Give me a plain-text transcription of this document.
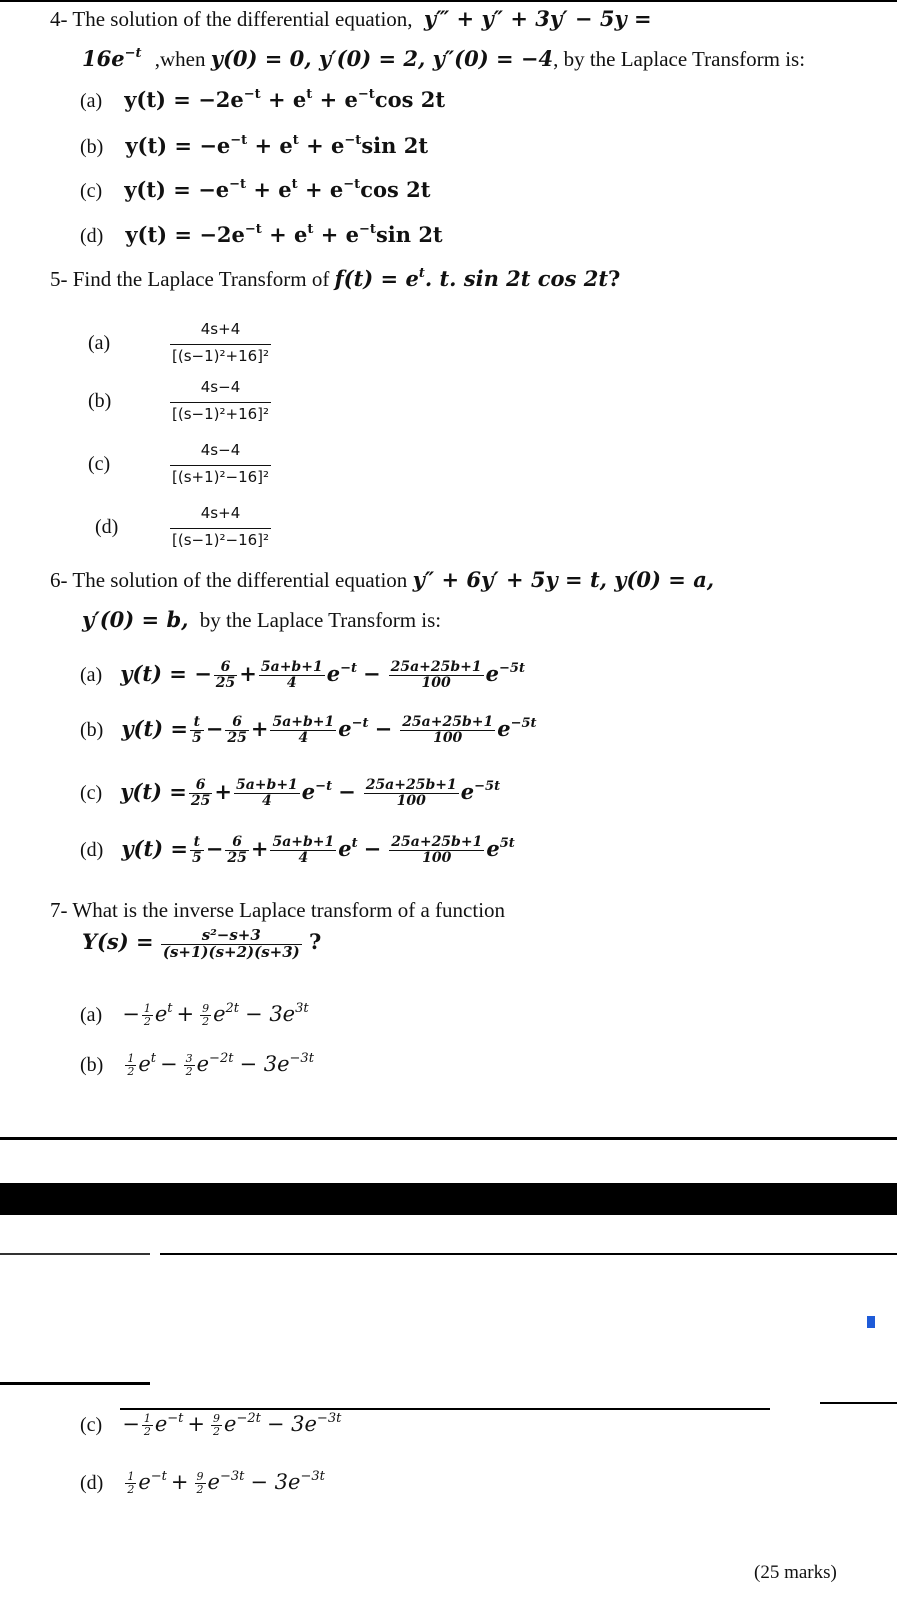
4- The solution of the differential equation, y‴ + y″ + 3y′ − 5y =
$16e^{-t}$ ,when y(0) = 0, y′(0) = 2, y″(0) = −4, by the Laplace Transform is:
5- Find the Laplace Transform of $f(t) = e^t$. t. sin 2t cos 2t?
6- The solution of the differential equation y″ + 6y′ + 5y = t, y(0) = a,
y′(0) = b, by the Laplace Transform is:
7- What is the inverse Laplace transform of a function
$Y(s) = \frac{\text{s²−s+3}}{(s+1)(s+2)(s+3)}$ ?
(25 marks)
(a) $y(t) = -2e^{-t} + e^t + e^{-t}\cos$ 2t
(b) $y(t) = -e^{-t} + e^t + e^{-t}\sin$ 2t
(c) $y(t) = -e^{-t} + e^t + e^{-t}\cos$ 2t
(d) $y(t) = -2e^{-t} + e^t + e^{-t}\sin$ 2t
(a)	$\frac{4s+4}{\text{[(s−1)²+16]²}}$
(b)	$\frac{4s-4}{\text{[(s−1)²+16]²}}$
(c)	$\frac{4s-4}{\text{[(s+1)²−16]²}}$
(d)	$\frac{4s+4}{\text{[(s−1)²−16]²}}$
(a) y(t) = − $\frac{6}{25} + \frac{5a+b+1}{4} e^{-t} - \frac{25a+25b+1}{100} e^{-5t}$
(b) $y(t) = \frac{t}{5} - \frac{6}{25} + \frac{5a+b+1}{4} e^{-t} - \frac{25a+25b+1}{100} e^{-5t}$
(c) $y(t) = \frac{6}{25} + \frac{5a+b+1}{4} e^{-t} - \frac{25a+25b+1}{100} e^{-5t}$
(d) $y(t) = \frac{t}{5} - \frac{6}{25} + \frac{5a+b+1}{4} e^t - \frac{25a+25b+1}{100} e^{5t}$
$(a) - \frac{1}{2} e^t + \frac{9}{2} e^{2t} - 3e^{3t}$
$(b) \frac{1}{2} e^t - \frac{3}{2} e^{-2t} - 3e^{-3t}$
$(c) - \frac{1}{2} e^{-t} + \frac{9}{2} e^{-2t} - 3e^{-3t}$
$(d) \frac{1}{2} e^{-t} + \frac{9}{2} e^{-3t} - 3e^{-3t}$
